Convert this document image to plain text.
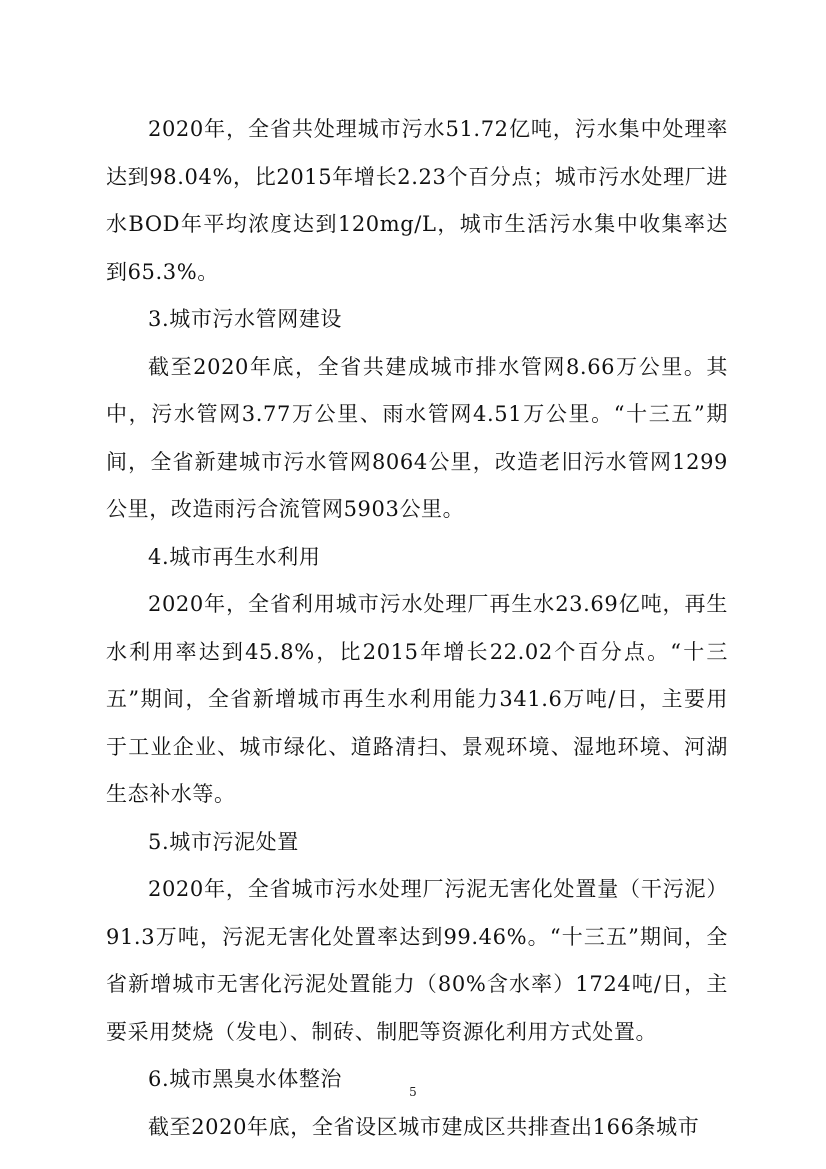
2020年，全省共处理城市污水51.72亿吨，污水集中处理率达到98.04%，比2015年增长2.23个百分点；城市污水处理厂进水BOD年平均浓度达到120mg/L，城市生活污水集中收集率达到65.3%。

3.城市污水管网建设

截至2020年底，全省共建成城市排水管网8.66万公里。其中，污水管网3.77万公里、雨水管网4.51万公里。“十三五”期间，全省新建城市污水管网8064公里，改造老旧污水管网1299公里，改造雨污合流管网5903公里。

4.城市再生水利用

2020年，全省利用城市污水处理厂再生水23.69亿吨，再生水利用率达到45.8%，比2015年增长22.02个百分点。“十三五”期间，全省新增城市再生水利用能力341.6万吨/日，主要用于工业企业、城市绿化、道路清扫、景观环境、湿地环境、河湖生态补水等。

5.城市污泥处置

2020年，全省城市污水处理厂污泥无害化处置量（干污泥）91.3万吨，污泥无害化处置率达到99.46%。“十三五”期间，全省新增城市无害化污泥处置能力（80%含水率）1724吨/日，主要采用焚烧（发电）、制砖、制肥等资源化利用方式处置。

6.城市黑臭水体整治

截至2020年底，全省设区城市建成区共排查出166条城市

5
